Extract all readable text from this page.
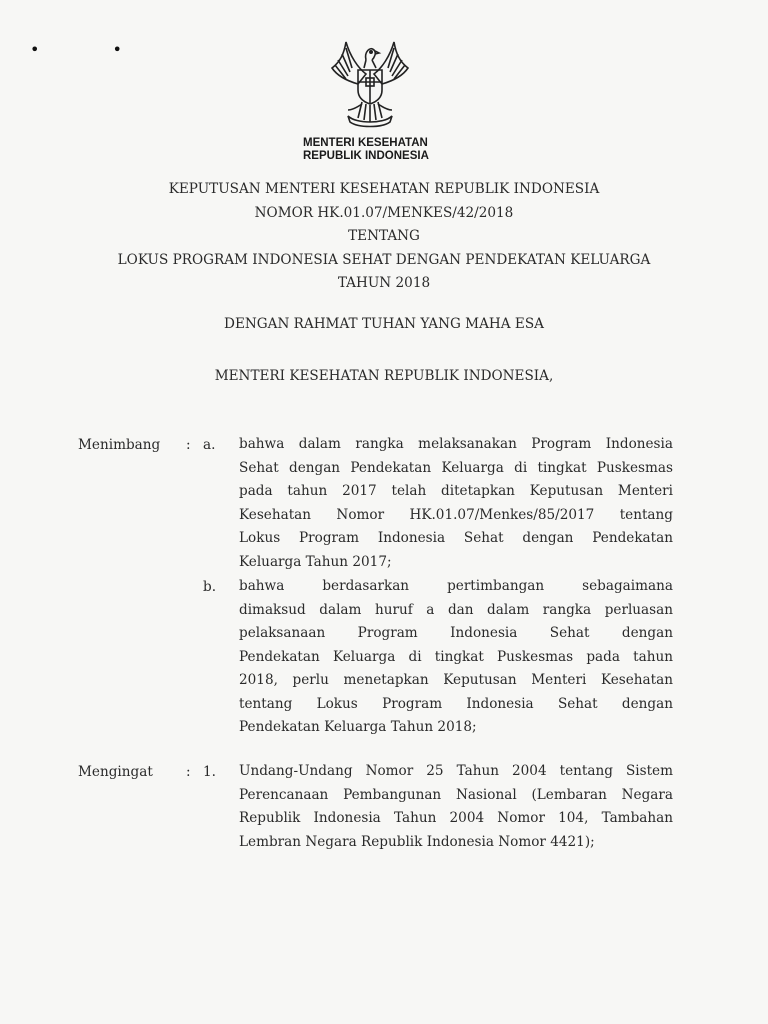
• •
MENTERI KESEHATAN
REPUBLIK INDONESIA
KEPUTUSAN MENTERI KESEHATAN REPUBLIK INDONESIA
NOMOR HK.01.07/MENKES/42/2018
TENTANG
LOKUS PROGRAM INDONESIA SEHAT DENGAN PENDEKATAN KELUARGA
TAHUN 2018
DENGAN RAHMAT TUHAN YANG MAHA ESA
MENTERI KESEHATAN REPUBLIK INDONESIA,
Menimbang : a. bahwa dalam rangka melaksanakan Program Indonesia
Sehat dengan Pendekatan Keluarga di tingkat Puskesmas
pada tahun 2017 telah ditetapkan Keputusan Menteri
Kesehatan Nomor HK.01.07/Menkes/85/2017 tentang
Lokus Program Indonesia Sehat dengan Pendekatan
Keluarga Tahun 2017;
b. bahwa berdasarkan pertimbangan sebagaimana
dimaksud dalam huruf a dan dalam rangka perluasan
pelaksanaan Program Indonesia Sehat dengan
Pendekatan Keluarga di tingkat Puskesmas pada tahun
2018, perlu menetapkan Keputusan Menteri Kesehatan
tentang Lokus Program Indonesia Sehat dengan
Pendekatan Keluarga Tahun 2018;
Mengingat : 1. Undang-Undang Nomor 25 Tahun 2004 tentang Sistem
Perencanaan Pembangunan Nasional (Lembaran Negara
Republik Indonesia Tahun 2004 Nomor 104, Tambahan
Lembran Negara Republik Indonesia Nomor 4421);
